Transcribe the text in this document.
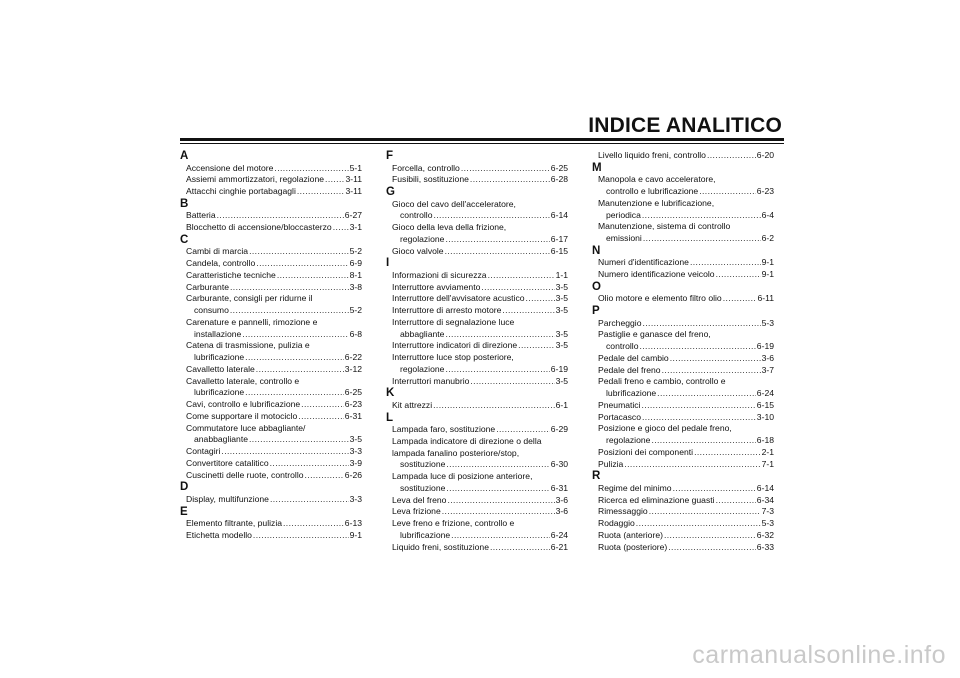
INDICE ANALITICO
A
Accensione del motore .....	5-1
Assiemi ammortizzatori, regolazione ..... 3-11
Attacchi cinghie portabagagli .....	3-11
B
Batteria .....	6-27
Blocchetto di accensione/bloccasterzo ..... 3-1
C
Cambi di marcia .....	5-2
Candela, controllo .....	6-9
Caratteristiche tecniche .....	8-1
Carburante .....	3-8
Carburante, consigli per ridurne il
consumo .....	5-2
Carenature e pannelli, rimozione e
installazione .....	6-8
Catena di trasmissione, pulizia e
lubrificazione .....	6-22
Cavalletto laterale .....	3-12
Cavalletto laterale, controllo e
lubrificazione .....	6-25
Cavi, controllo e lubrificazione .....	6-23
Come supportare il motociclo .....	6-31
Commutatore luce abbagliante/
anabbagliante .....	3-5
Contagiri .....	3-3
Convertitore catalitico .....	3-9
Cuscinetti delle ruote, controllo .....	6-26
D
Display, multifunzione .....	3-3
E
Elemento filtrante, pulizia .....	6-13
Etichetta modello .....	9-1
F
Forcella, controllo .....	6-25
Fusibili, sostituzione .....	6-28
G
Gioco del cavo dell'acceleratore,
controllo .....	6-14
Gioco della leva della frizione,
regolazione .....	6-17
Gioco valvole .....	6-15
I
Informazioni di sicurezza .....	1-1
Interruttore avviamento .....	3-5
Interruttore dell'avvisatore acustico .....	3-5
Interruttore di arresto motore .....	3-5
Interruttore di segnalazione luce
abbagliante .....	3-5
Interruttore indicatori di direzione .....	3-5
Interruttore luce stop posteriore,
regolazione .....	6-19
Interruttori manubrio .....	3-5
K
Kit attrezzi .....	6-1
L
Lampada faro, sostituzione .....	6-29
Lampada indicatore di direzione o della
lampada fanalino posteriore/stop,
sostituzione .....	6-30
Lampada luce di posizione anteriore,
sostituzione .....	6-31
Leva del freno .....	3-6
Leva frizione .....	3-6
Leve freno e frizione, controllo e
lubrificazione .....	6-24
Liquido freni, sostituzione .....	6-21
Livello liquido freni, controllo .....	6-20
M
Manopola e cavo acceleratore,
controllo e lubrificazione .....	6-23
Manutenzione e lubrificazione,
periodica .....	6-4
Manutenzione, sistema di controllo
emissioni .....	6-2
N
Numeri d'identificazione .....	9-1
Numero identificazione veicolo .....	9-1
O
Olio motore e elemento filtro olio .....	6-11
P
Parcheggio .....	5-3
Pastiglie e ganasce del freno,
controllo .....	6-19
Pedale del cambio .....	3-6
Pedale del freno .....	3-7
Pedali freno e cambio, controllo e
lubrificazione .....	6-24
Pneumatici .....	6-15
Portacasco .....	3-10
Posizione e gioco del pedale freno,
regolazione .....	6-18
Posizioni dei componenti .....	2-1
Pulizia .....	7-1
R
Regime del minimo .....	6-14
Ricerca ed eliminazione guasti .....	6-34
Rimessaggio .....	7-3
Rodaggio .....	5-3
Ruota (anteriore) .....	6-32
Ruota (posteriore) .....	6-33
carmanualsonline.info
